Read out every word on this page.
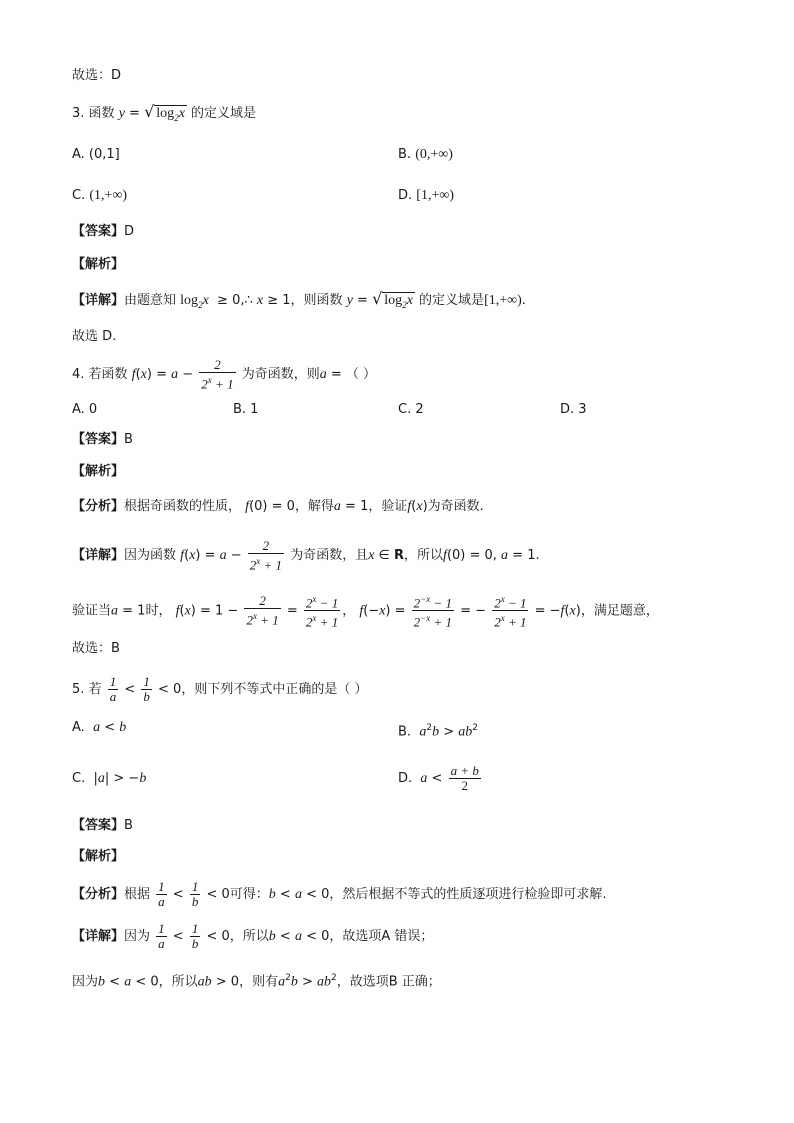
故选：D
3. 函数 y = √ $\log_2x$ 的定义域是
A. (0,1]	B. (0,+∞)
C. (1,+∞)	D. [1,+∞)
【答案】D
【解析】
【详解】由题意知 $\log_2x$  ≥ 0,∴ x ≥ 1，则函数 y = √ $\log_2x$ 的定义域是[1,+∞).
故选 D.
4. 若函数 $f(x) = a - \frac{2}{2^x + 1}$ 为奇函数，则a = （ ）
A. 0	B. 1	C. 2	D. 3
【答案】B
【解析】
【分析】根据奇函数的性质， f(0) = 0，解得a = 1，验证f(x)为奇函数.
【详解】因为函数 $f(x) = a - \frac{2}{2^x + 1}$ 为奇函数，且x ∈ R，所以f(0) = 0, a = 1.
验证当a = 1时， $f(x) = 1 - \frac{2}{2^x + 1} = \frac{2^x - 1}{2^x + 1}$ ， $f(-x) = \frac{2^{-x} - 1}{2^{-x} + 1}$ = − $\frac{2^x - 1}{2^x + 1} = -f(x)$，满足题意，
故选：B
5. 若 $\frac{1}{a} < \frac{1}{b} < 0$，则下列不等式中正确的是（ ）
A. a < b	B. $a^2b > ab^2$
C.  |a| > −b	D. $a < \frac{a + b}{2}$
【答案】B
【解析】
【分析】根据 $\frac{1}{a} < \frac{1}{b} < 0$可得：b < a < 0，然后根据不等式的性质逐项进行检验即可求解.
【详解】因为 $\frac{1}{a} < \frac{1}{b} < 0$，所以b < a < 0，故选项A 错误；
因为b < a < 0，所以ab > 0，则有$a^2b > ab^2$，故选项B 正确；
